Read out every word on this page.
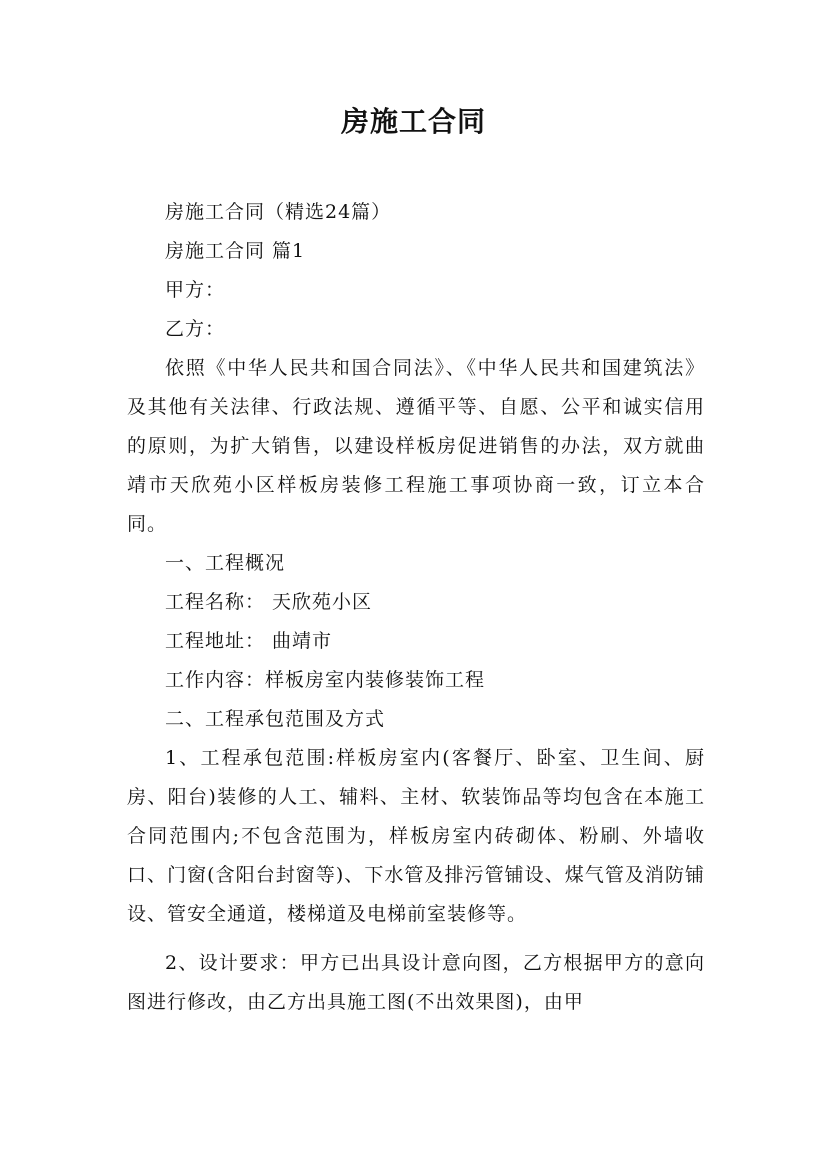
房施工合同

房施工合同（精选24篇）

房施工合同 篇1

甲方：

乙方：

依照《中华人民共和国合同法》、《中华人民共和国建筑法》及其他有关法律、行政法规、遵循平等、自愿、公平和诚实信用的原则，为扩大销售，以建设样板房促进销售的办法，双方就曲靖市天欣苑小区样板房装修工程施工事项协商一致，订立本合同。

一、工程概况

工程名称： 天欣苑小区

工程地址： 曲靖市

工作内容：样板房室内装修装饰工程

二、工程承包范围及方式

1、工程承包范围:样板房室内(客餐厅、卧室、卫生间、厨房、阳台)装修的人工、辅料、主材、软装饰品等均包含在本施工合同范围内;不包含范围为，样板房室内砖砌体、粉刷、外墙收口、门窗(含阳台封窗等)、下水管及排污管铺设、煤气管及消防铺设、管安全通道，楼梯道及电梯前室装修等。

2、设计要求：甲方已出具设计意向图，乙方根据甲方的意向图进行修改，由乙方出具施工图(不出效果图)，由甲
